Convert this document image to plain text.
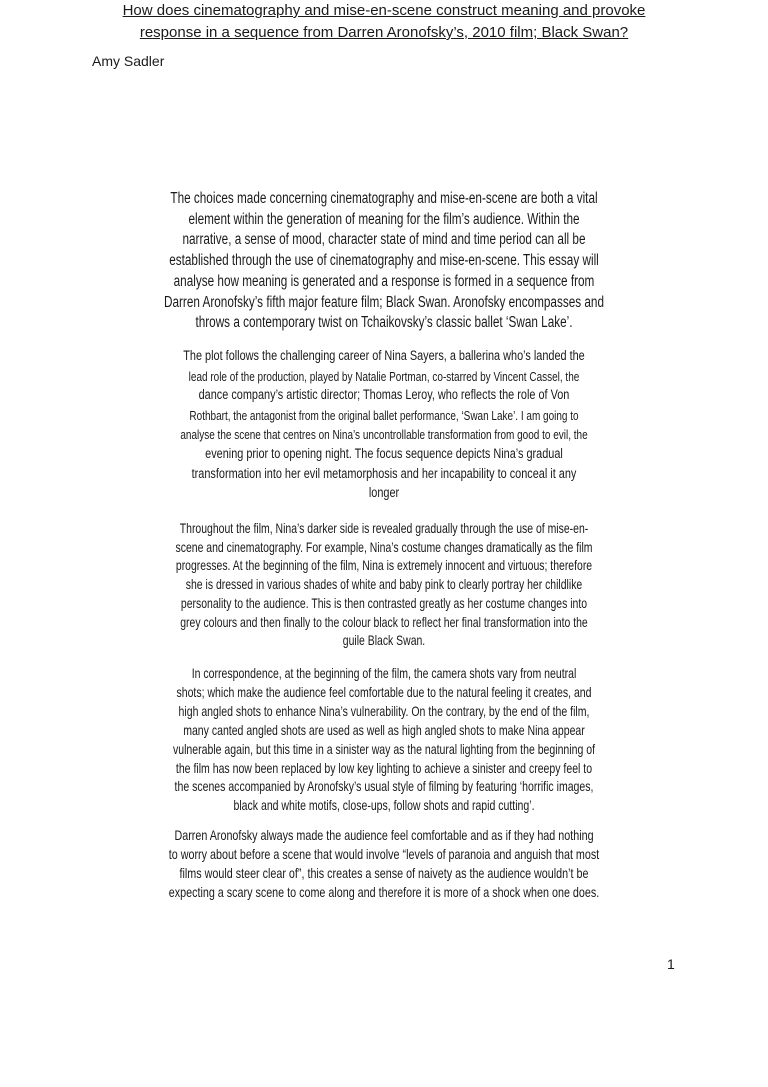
Amy Sadler
How does cinematography and mise-en-scene construct meaning and provoke
response in a sequence from Darren Aronofsky’s, 2010 film; Black Swan?
The choices made concerning cinematography and mise-en-scene are both a vital
element within the generation of meaning for the film’s audience. Within the
narrative, a sense of mood, character state of mind and time period can all be
established through the use of cinematography and mise-en-scene. This essay will
analyse how meaning is generated and a response is formed in a sequence from
Darren Aronofsky’s fifth major feature film; Black Swan. Aronofsky encompasses and
throws a contemporary twist on Tchaikovsky’s classic ballet ‘Swan Lake’.
The plot follows the challenging career of Nina Sayers, a ballerina who’s landed the
lead role of the production, played by Natalie Portman, co-starred by Vincent Cassel, the
dance company’s artistic director; Thomas Leroy, who reflects the role of Von
Rothbart, the antagonist from the original ballet performance, ‘Swan Lake’. I am going to
analyse the scene that centres on Nina’s uncontrollable transformation from good to evil, the
evening prior to opening night. The focus sequence depicts Nina’s gradual
transformation into her evil metamorphosis and her incapability to conceal it any
longer
Throughout the film, Nina’s darker side is revealed gradually through the use of mise-en-
scene and cinematography. For example, Nina’s costume changes dramatically as the film
progresses. At the beginning of the film, Nina is extremely innocent and virtuous; therefore
she is dressed in various shades of white and baby pink to clearly portray her childlike
personality to the audience. This is then contrasted greatly as her costume changes into
grey colours and then finally to the colour black to reflect her final transformation into the
guile Black Swan.
In correspondence, at the beginning of the film, the camera shots vary from neutral
shots; which make the audience feel comfortable due to the natural feeling it creates, and
high angled shots to enhance Nina’s vulnerability. On the contrary, by the end of the film,
many canted angled shots are used as well as high angled shots to make Nina appear
vulnerable again, but this time in a sinister way as the natural lighting from the beginning of
the film has now been replaced by low key lighting to achieve a sinister and creepy feel to
the scenes accompanied by Aronofsky’s usual style of filming by featuring ‘horrific images,
black and white motifs, close-ups, follow shots and rapid cutting’.
Darren Aronofsky always made the audience feel comfortable and as if they had nothing
to worry about before a scene that would involve “levels of paranoia and anguish that most
films would steer clear of”, this creates a sense of naivety as the audience wouldn’t be
expecting a scary scene to come along and therefore it is more of a shock when one does.
1
